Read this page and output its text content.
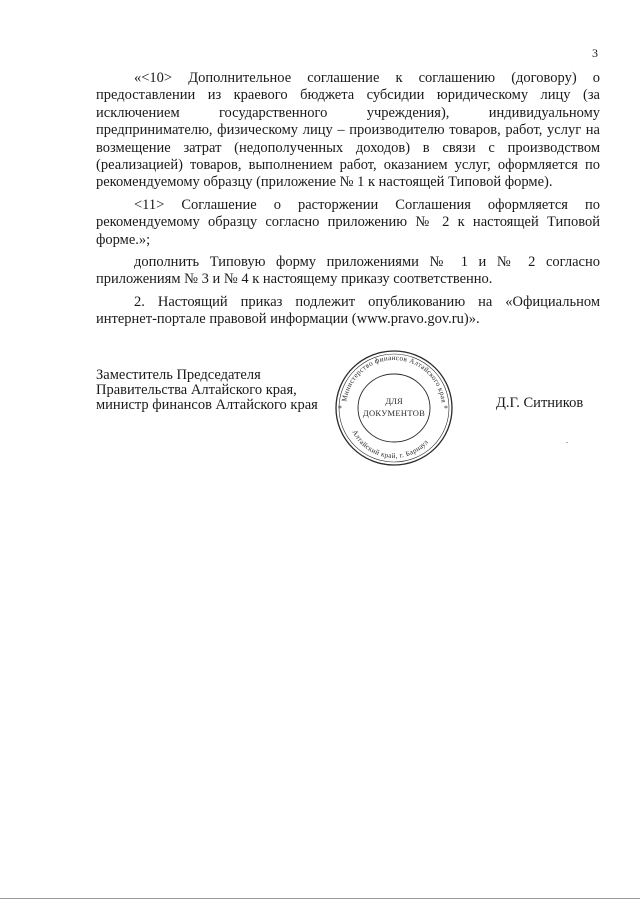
3

«<10> Дополнительное соглашение к соглашению (договору) о предоставлении из краевого бюджета субсидии юридическому лицу (за исключением государственного учреждения), индивидуальному предпринимателю, физическому лицу – производителю товаров, работ, услуг на возмещение затрат (недополученных доходов) в связи с производством (реализацией) товаров, выполнением работ, оказанием услуг, оформляется по рекомендуемому образцу (приложение № 1 к настоящей Типовой форме).

<11> Соглашение о расторжении Соглашения оформляется по рекомендуемому образцу согласно приложению № 2 к настоящей Типовой форме.»;

дополнить Типовую форму приложениями № 1 и № 2 согласно приложениям № 3 и № 4 к настоящему приказу соответственно.

2. Настоящий приказ подлежит опубликованию на «Официальном интернет-портале правовой информации (www.pravo.gov.ru)».

Заместитель Председателя
Правительства Алтайского края,
министр финансов Алтайского края	Д.Г. Ситников
Министерство финансов Алтайского края
Алтайский край, г. Барнаул
ДЛЯ
ДОКУМЕНТОВ
*	*
